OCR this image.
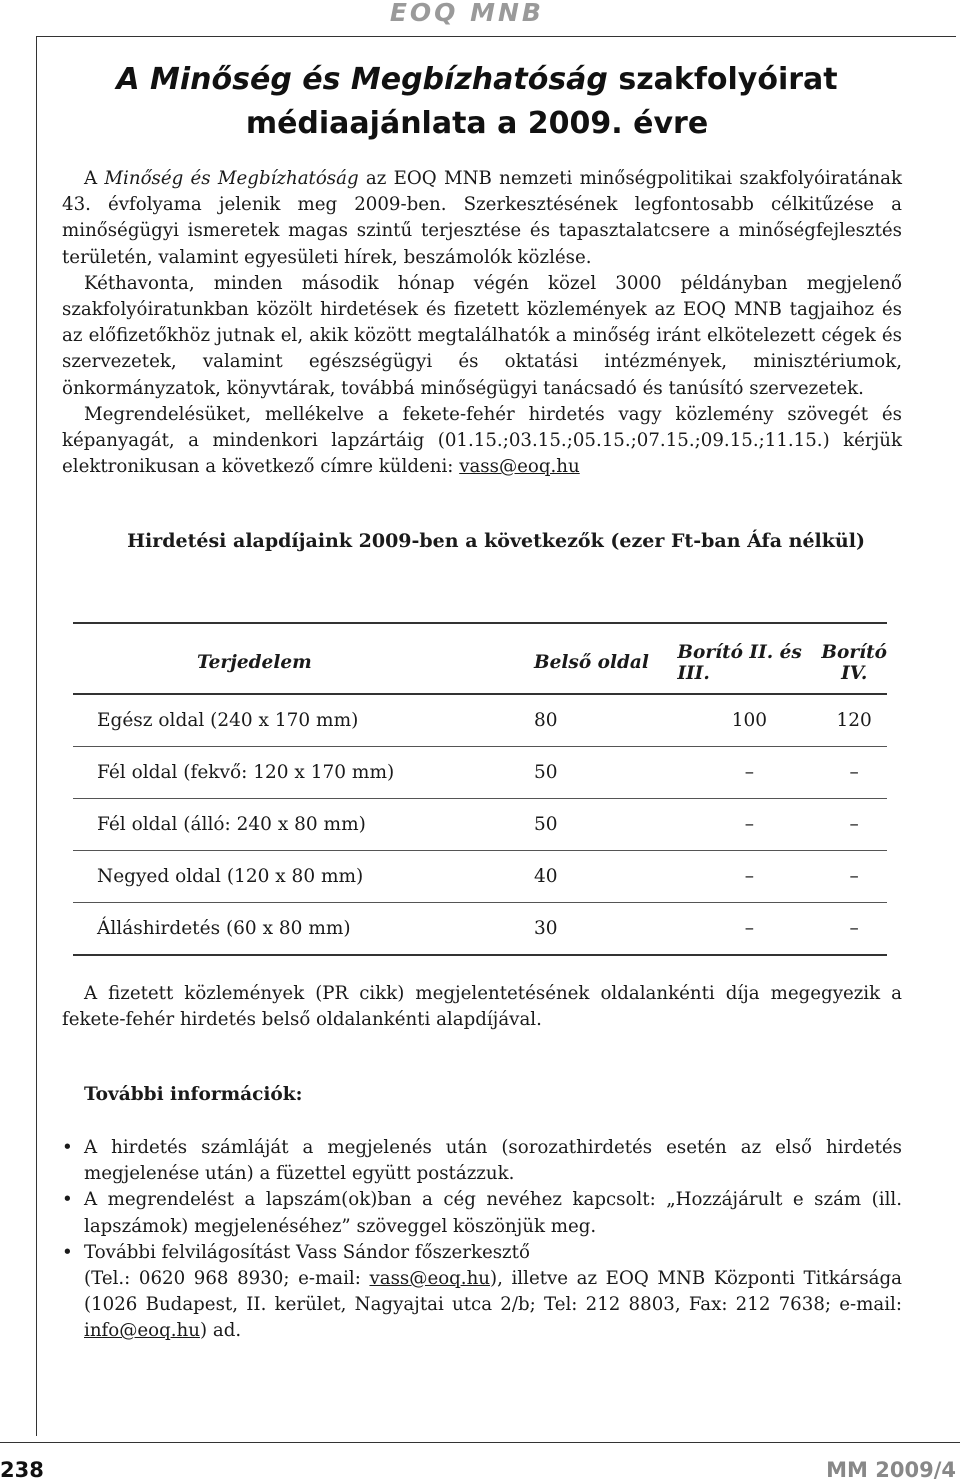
EOQ MNB
A Minőség és Megbízhatóság szakfolyóirat
médiaajánlata a 2009. évre

A Minőség és Megbízhatóság az EOQ MNB nemzeti minőségpolitikai szakfolyóiratának 43. évfolyama jelenik meg 2009-ben. Szerkesztésének legfontosabb célkitűzése a minőségügyi ismeretek magas szintű terjesztése és tapasztalatcsere a minőségfejlesztés területén, valamint egyesületi hírek, beszámolók közlése.

Kéthavonta, minden második hónap végén közel 3000 példányban megjelenő szakfolyóiratunkban közölt hirdetések és fizetett közlemények az EOQ MNB tagjaihoz és az előfizetőkhöz jutnak el, akik között megtalálhatók a minőség iránt elkötelezett cégek és szervezetek, valamint egészségügyi és oktatási intézmények, minisztériumok, önkormányzatok, könyvtárak, továbbá minőségügyi tanácsadó és tanúsító szervezetek.

Megrendelésüket, mellékelve a fekete-fehér hirdetés vagy közlemény szövegét és képanyagát, a mindenkori lapzártáig (01.15.;03.15.;05.15.;07.15.;09.15.;11.15.) kérjük elektronikusan a következő címre küldeni: vass@eoq.hu

Hirdetési alapdíjaink 2009-ben a következők (ezer Ft-ban Áfa nélkül)
Terjedelem	Belső oldal	Borító II. és III.	Borító IV.
Egész oldal (240 x 170 mm)	80	100	120
Fél oldal (fekvő: 120 x 170 mm)	50	–	–
Fél oldal (álló: 240 x 80 mm)	50	–	–
Negyed oldal (120 x 80 mm)	40	–	–
Álláshirdetés (60 x 80 mm)	30	–	–

A fizetett közlemények (PR cikk) megjelentetésének oldalankénti díja megegyezik a fekete-fehér hirdetés belső oldalankénti alapdíjával.

További információk:
• A hirdetés számláját a megjelenés után (sorozathirdetés esetén az első hirdetés megjelenése után) a füzettel együtt postázzuk.
• A megrendelést a lapszám(ok)ban a cég nevéhez kapcsolt: „Hozzájárult e szám (ill. lapszámok) megjelenéséhez” szöveggel köszönjük meg.
• További felvilágosítást Vass Sándor főszerkesztő
(Tel.: 0620 968 8930; e-mail: vass@eoq.hu), illetve az EOQ MNB Központi Titkársága (1026 Budapest, II. kerület, Nagyajtai utca 2/b; Tel: 212 8803, Fax: 212 7638; e-mail: info@eoq.hu) ad.
238	MM 2009/4
